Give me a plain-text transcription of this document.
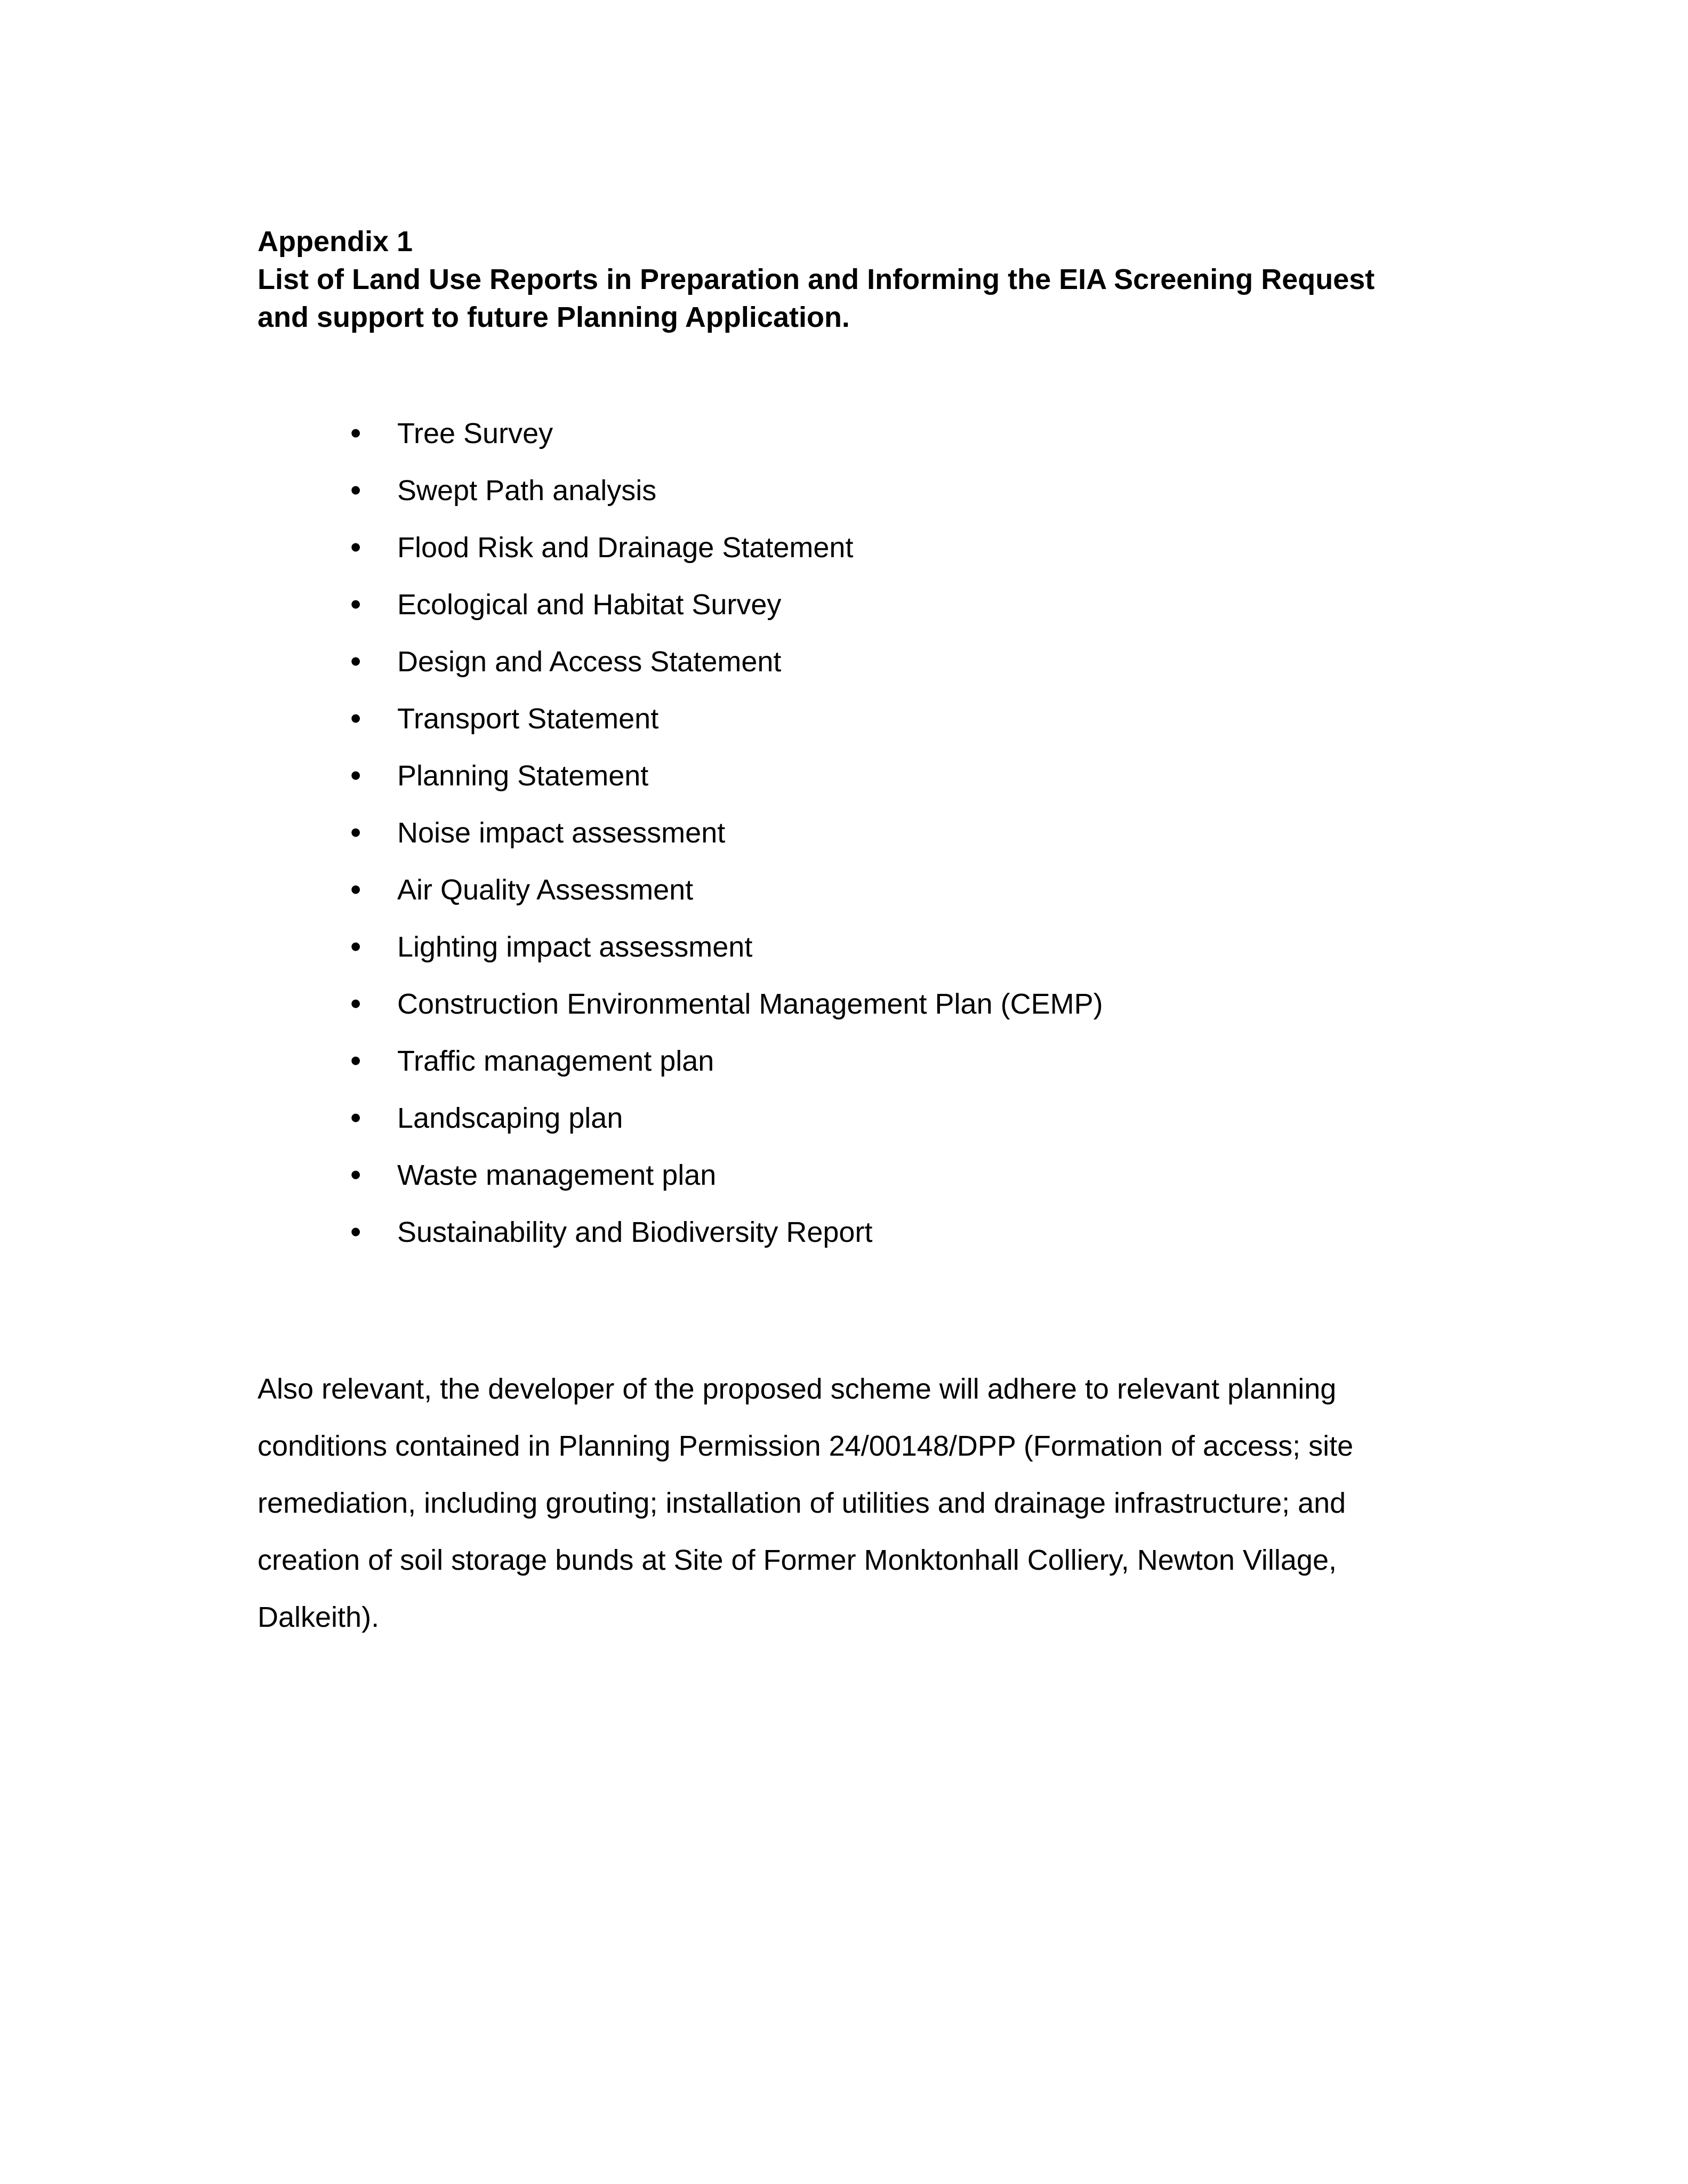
Appendix 1
List of Land Use Reports in Preparation and Informing the EIA Screening Request
and support to future Planning Application.
• Tree Survey
• Swept Path analysis
• Flood Risk and Drainage Statement
• Ecological and Habitat Survey
• Design and Access Statement
• Transport Statement
• Planning Statement
• Noise impact assessment
• Air Quality Assessment
• Lighting impact assessment
• Construction Environmental Management Plan (CEMP)
• Traffic management plan
• Landscaping plan
• Waste management plan
• Sustainability and Biodiversity Report
Also relevant, the developer of the proposed scheme will adhere to relevant planning
conditions contained in Planning Permission 24/00148/DPP (Formation of access; site
remediation, including grouting; installation of utilities and drainage infrastructure; and
creation of soil storage bunds at Site of Former Monktonhall Colliery, Newton Village,
Dalkeith).
